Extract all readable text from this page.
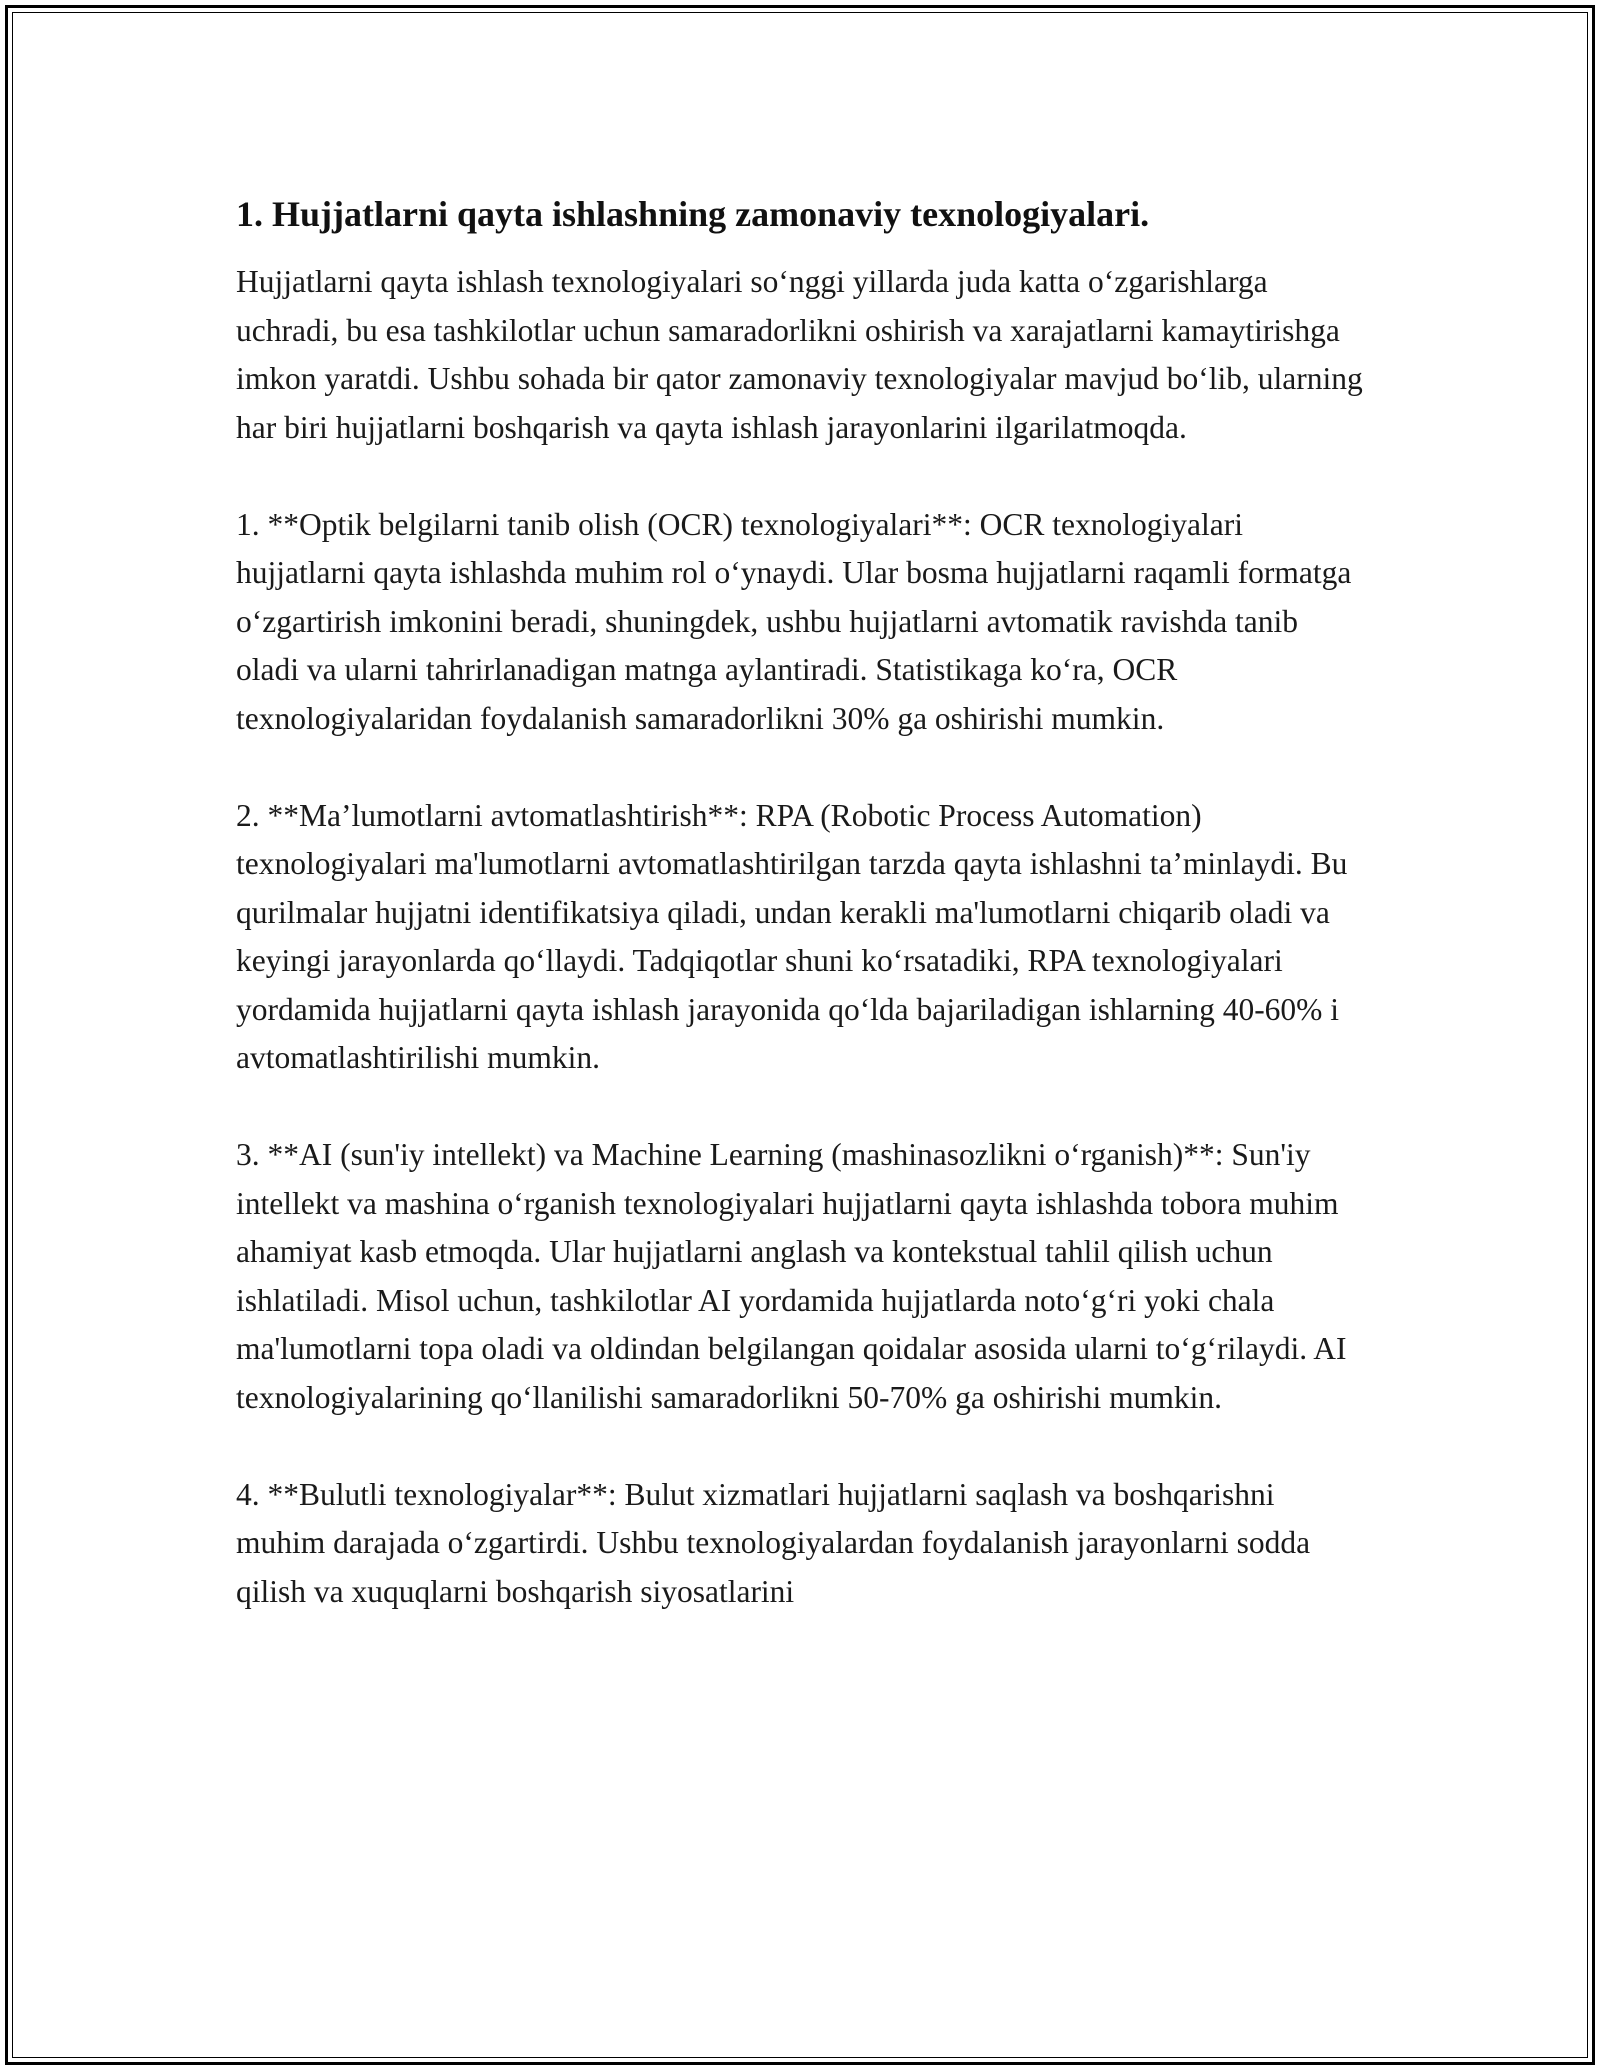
1. Hujjatlarni qayta ishlashning zamonaviy texnologiyalari.

Hujjatlarni qayta ishlash texnologiyalari so‘nggi yillarda juda katta o‘zgarishlarga uchradi, bu esa tashkilotlar uchun samaradorlikni oshirish va xarajatlarni kamaytirishga imkon yaratdi. Ushbu sohada bir qator zamonaviy texnologiyalar mavjud bo‘lib, ularning har biri hujjatlarni boshqarish va qayta ishlash jarayonlarini ilgarilatmoqda.

1. **Optik belgilarni tanib olish (OCR) texnologiyalari**: OCR texnologiyalari hujjatlarni qayta ishlashda muhim rol o‘ynaydi. Ular bosma hujjatlarni raqamli formatga o‘zgartirish imkonini beradi, shuningdek, ushbu hujjatlarni avtomatik ravishda tanib oladi va ularni tahrirlanadigan matnga aylantiradi. Statistikaga ko‘ra, OCR texnologiyalaridan foydalanish samaradorlikni 30% ga oshirishi mumkin.

2. **Ma’lumotlarni avtomatlashtirish**: RPA (Robotic Process Automation) texnologiyalari ma'lumotlarni avtomatlashtirilgan tarzda qayta ishlashni ta’minlaydi. Bu qurilmalar hujjatni identifikatsiya qiladi, undan kerakli ma'lumotlarni chiqarib oladi va keyingi jarayonlarda qo‘llaydi. Tadqiqotlar shuni ko‘rsatadiki, RPA texnologiyalari yordamida hujjatlarni qayta ishlash jarayonida qo‘lda bajariladigan ishlarning 40-60% i avtomatlashtirilishi mumkin.

3. **AI (sun'iy intellekt) va Machine Learning (mashinasozlikni o‘rganish)**: Sun'iy intellekt va mashina o‘rganish texnologiyalari hujjatlarni qayta ishlashda tobora muhim ahamiyat kasb etmoqda. Ular hujjatlarni anglash va kontekstual tahlil qilish uchun ishlatiladi. Misol uchun, tashkilotlar AI yordamida hujjatlarda noto‘g‘ri yoki chala ma'lumotlarni topa oladi va oldindan belgilangan qoidalar asosida ularni to‘g‘rilaydi. AI texnologiyalarining qo‘llanilishi samaradorlikni 50-70% ga oshirishi mumkin.

4. **Bulutli texnologiyalar**: Bulut xizmatlari hujjatlarni saqlash va boshqarishni muhim darajada o‘zgartirdi. Ushbu texnologiyalardan foydalanish jarayonlarni sodda qilish va xuquqlarni boshqarish siyosatlarini
